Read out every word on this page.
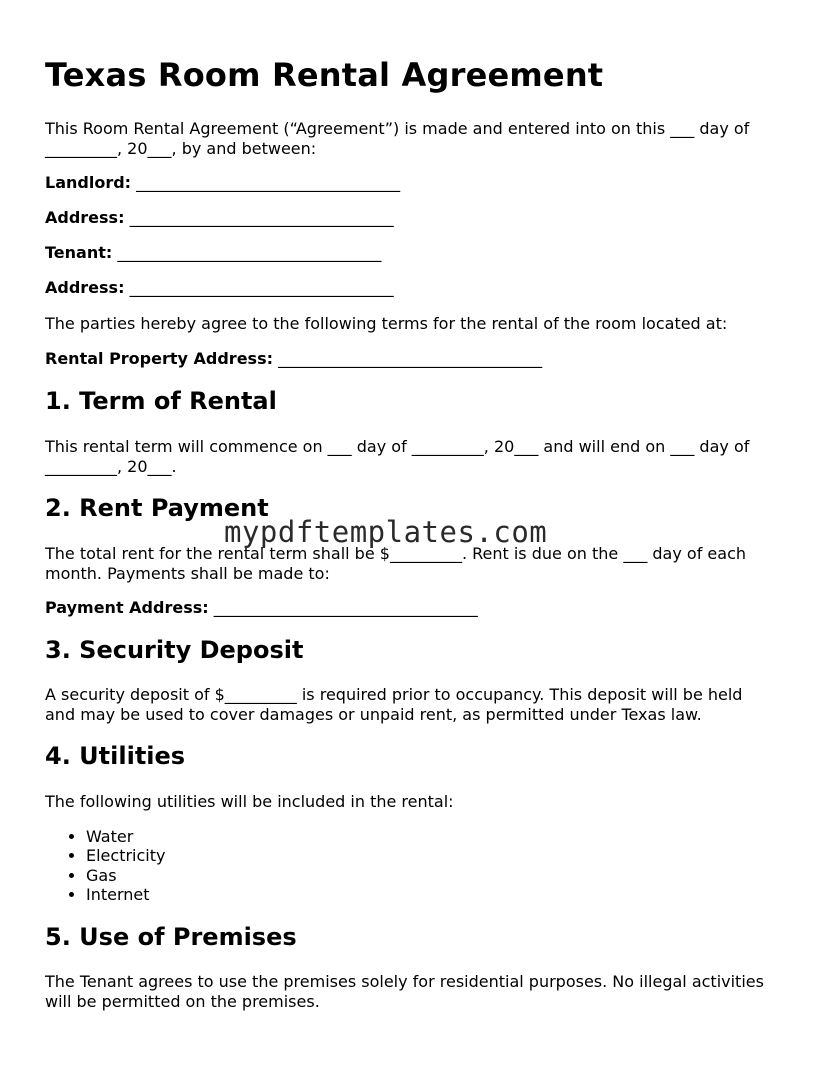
Texas Room Rental Agreement

This Room Rental Agreement (“Agreement”) is made and entered into on this ___ day of
_________, 20___, by and between:

Landlord: _________________________________
Address: _________________________________
Tenant: _________________________________
Address: _________________________________

The parties hereby agree to the following terms for the rental of the room located at:

Rental Property Address: _________________________________
1. Term of Rental

This rental term will commence on ___ day of _________, 20___ and will end on ___ day of
_________, 20___.

2. Rent Payment

The total rent for the rental term shall be $_________. Rent is due on the ___ day of each
month. Payments shall be made to:

Payment Address: _________________________________
3. Security Deposit

A security deposit of $_________ is required prior to occupancy. This deposit will be held
and may be used to cover damages or unpaid rent, as permitted under Texas law.

4. Utilities

The following utilities will be included in the rental:

• Water
• Electricity
• Gas
• Internet
5. Use of Premises

The Tenant agrees to use the premises solely for residential purposes. No illegal activities
will be permitted on the premises.

mypdftemplates.com
